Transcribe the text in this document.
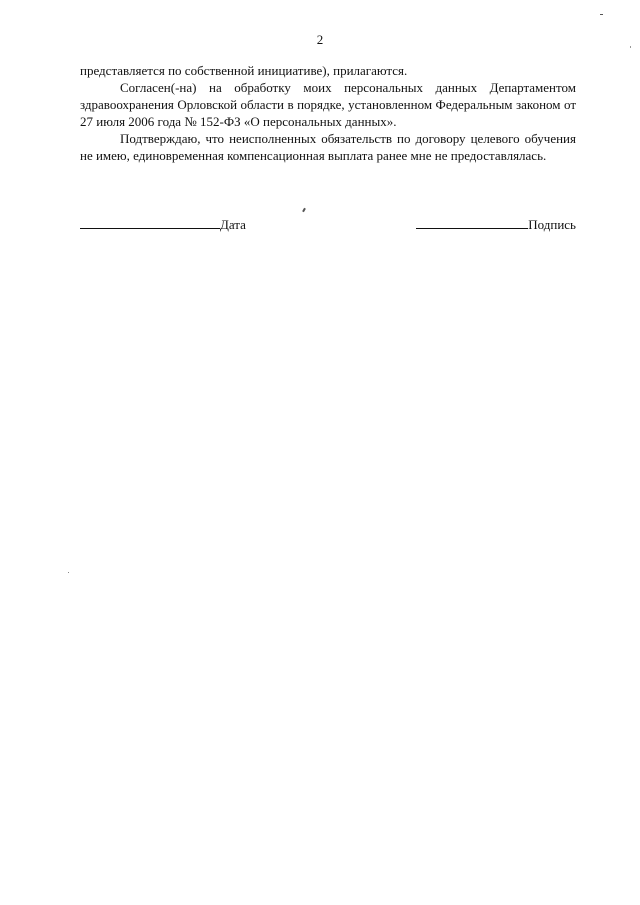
2

представляется по собственной инициативе), прилагаются.

Согласен(-на) на обработку моих персональных данных Департаментом здравоохранения Орловской области в порядке, установленном Федеральным законом от 27 июля 2006 года № 152-ФЗ «О персональных данных».

Подтверждаю, что неисполненных обязательств по договору целевого обучения не имею, единовременная компенсационная выплата ранее мне не предоставлялась.

Дата	Подпись
